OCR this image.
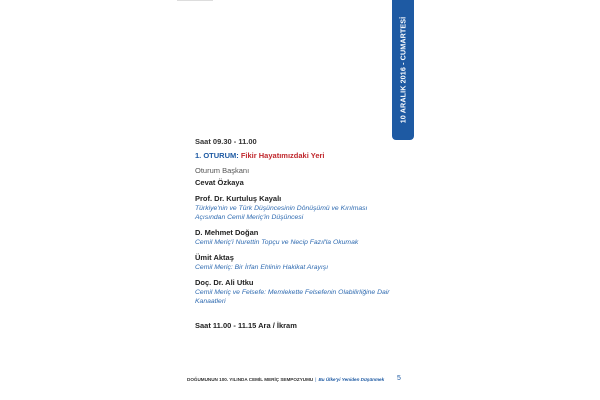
10 ARALIK 2016 - CUMARTESİ
Saat 09.30 - 11.00
1. OTURUM: Fikir Hayatımızdaki Yeri
Oturum Başkanı
Cevat Özkaya
Prof. Dr. Kurtuluş Kayalı
Türkiye'nin ve Türk Düşüncesinin Dönüşümü ve Kırılması Açısından Cemil Meriç'in Düşüncesi
D. Mehmet Doğan
Cemil Meriç'i Nurettin Topçu ve Necip Fazıl'la Okumak
Ümit Aktaş
Cemil Meriç: Bir İrfan Ehlinin Hakikat Arayışı
Doç. Dr. Ali Utku
Cemil Meriç ve Felsefe: Memlekette Felsefenin Olabilirliğine Dair Kanaatleri
Saat 11.00 - 11.15 Ara / İkram
DOĞUMUNUN 100. YILINDA CEMİL MERİÇ SEMPOZYUMU | Bu Ülke'yi Yeniden Düşünmek 5
